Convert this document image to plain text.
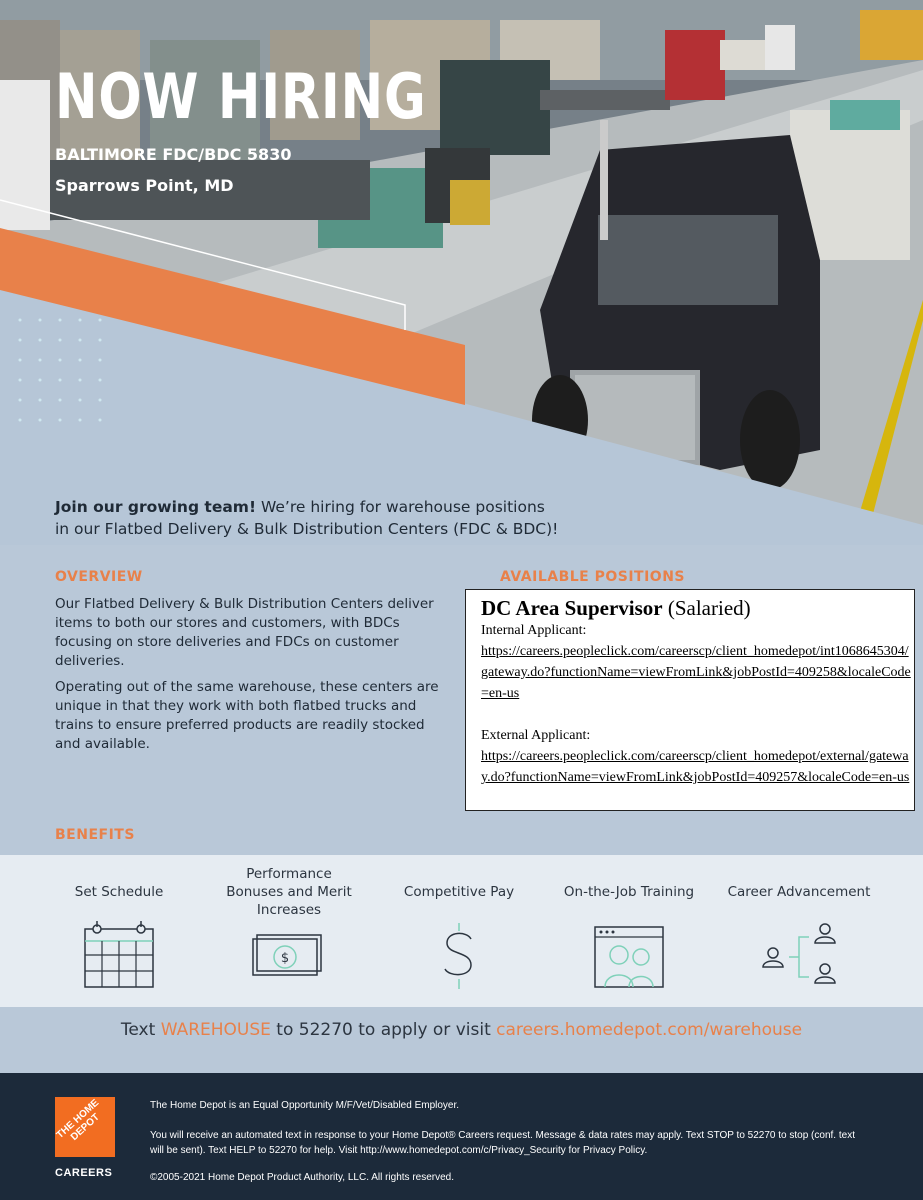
NOW HIRING
BALTIMORE FDC/BDC 5830
Sparrows Point, MD
Join our growing team! We’re hiring for warehouse positions
in our Flatbed Delivery & Bulk Distribution Centers (FDC & BDC)!
OVERVIEW
Our Flatbed Delivery & Bulk Distribution Centers deliver items to both our stores and customers, with BDCs focusing on store deliveries and FDCs on customer deliveries.
Operating out of the same warehouse, these centers are unique in that they work with both flatbed trucks and trains to ensure preferred products are readily stocked and available.
AVAILABLE POSITIONS
DC Area Supervisor (Salaried)
Internal Applicant:
https://careers.peopleclick.com/careerscp/client_homedepot/int1068645304/gateway.do?functionName=viewFromLink&jobPostId=409258&localeCode=en-us
External Applicant:
https://careers.peopleclick.com/careerscp/client_homedepot/external/gateway.do?functionName=viewFromLink&jobPostId=409257&localeCode=en-us
BENEFITS
Set Schedule
Performance Bonuses and Merit Increases
$
Competitive Pay	On-the-Job Training	Career Advancement
Text WAREHOUSE to 52270 to apply or visit careers.homedepot.com/warehouse
THE HOME DEPOT
CAREERS
The Home Depot is an Equal Opportunity M/F/Vet/Disabled Employer.
You will receive an automated text in response to your Home Depot® Careers request. Message & data rates may apply. Text STOP to 52270 to stop (conf. text will be sent). Text HELP to 52270 for help. Visit http://www.homedepot.com/c/Privacy_Security for Privacy Policy.
©2005-2021 Home Depot Product Authority, LLC. All rights reserved.
